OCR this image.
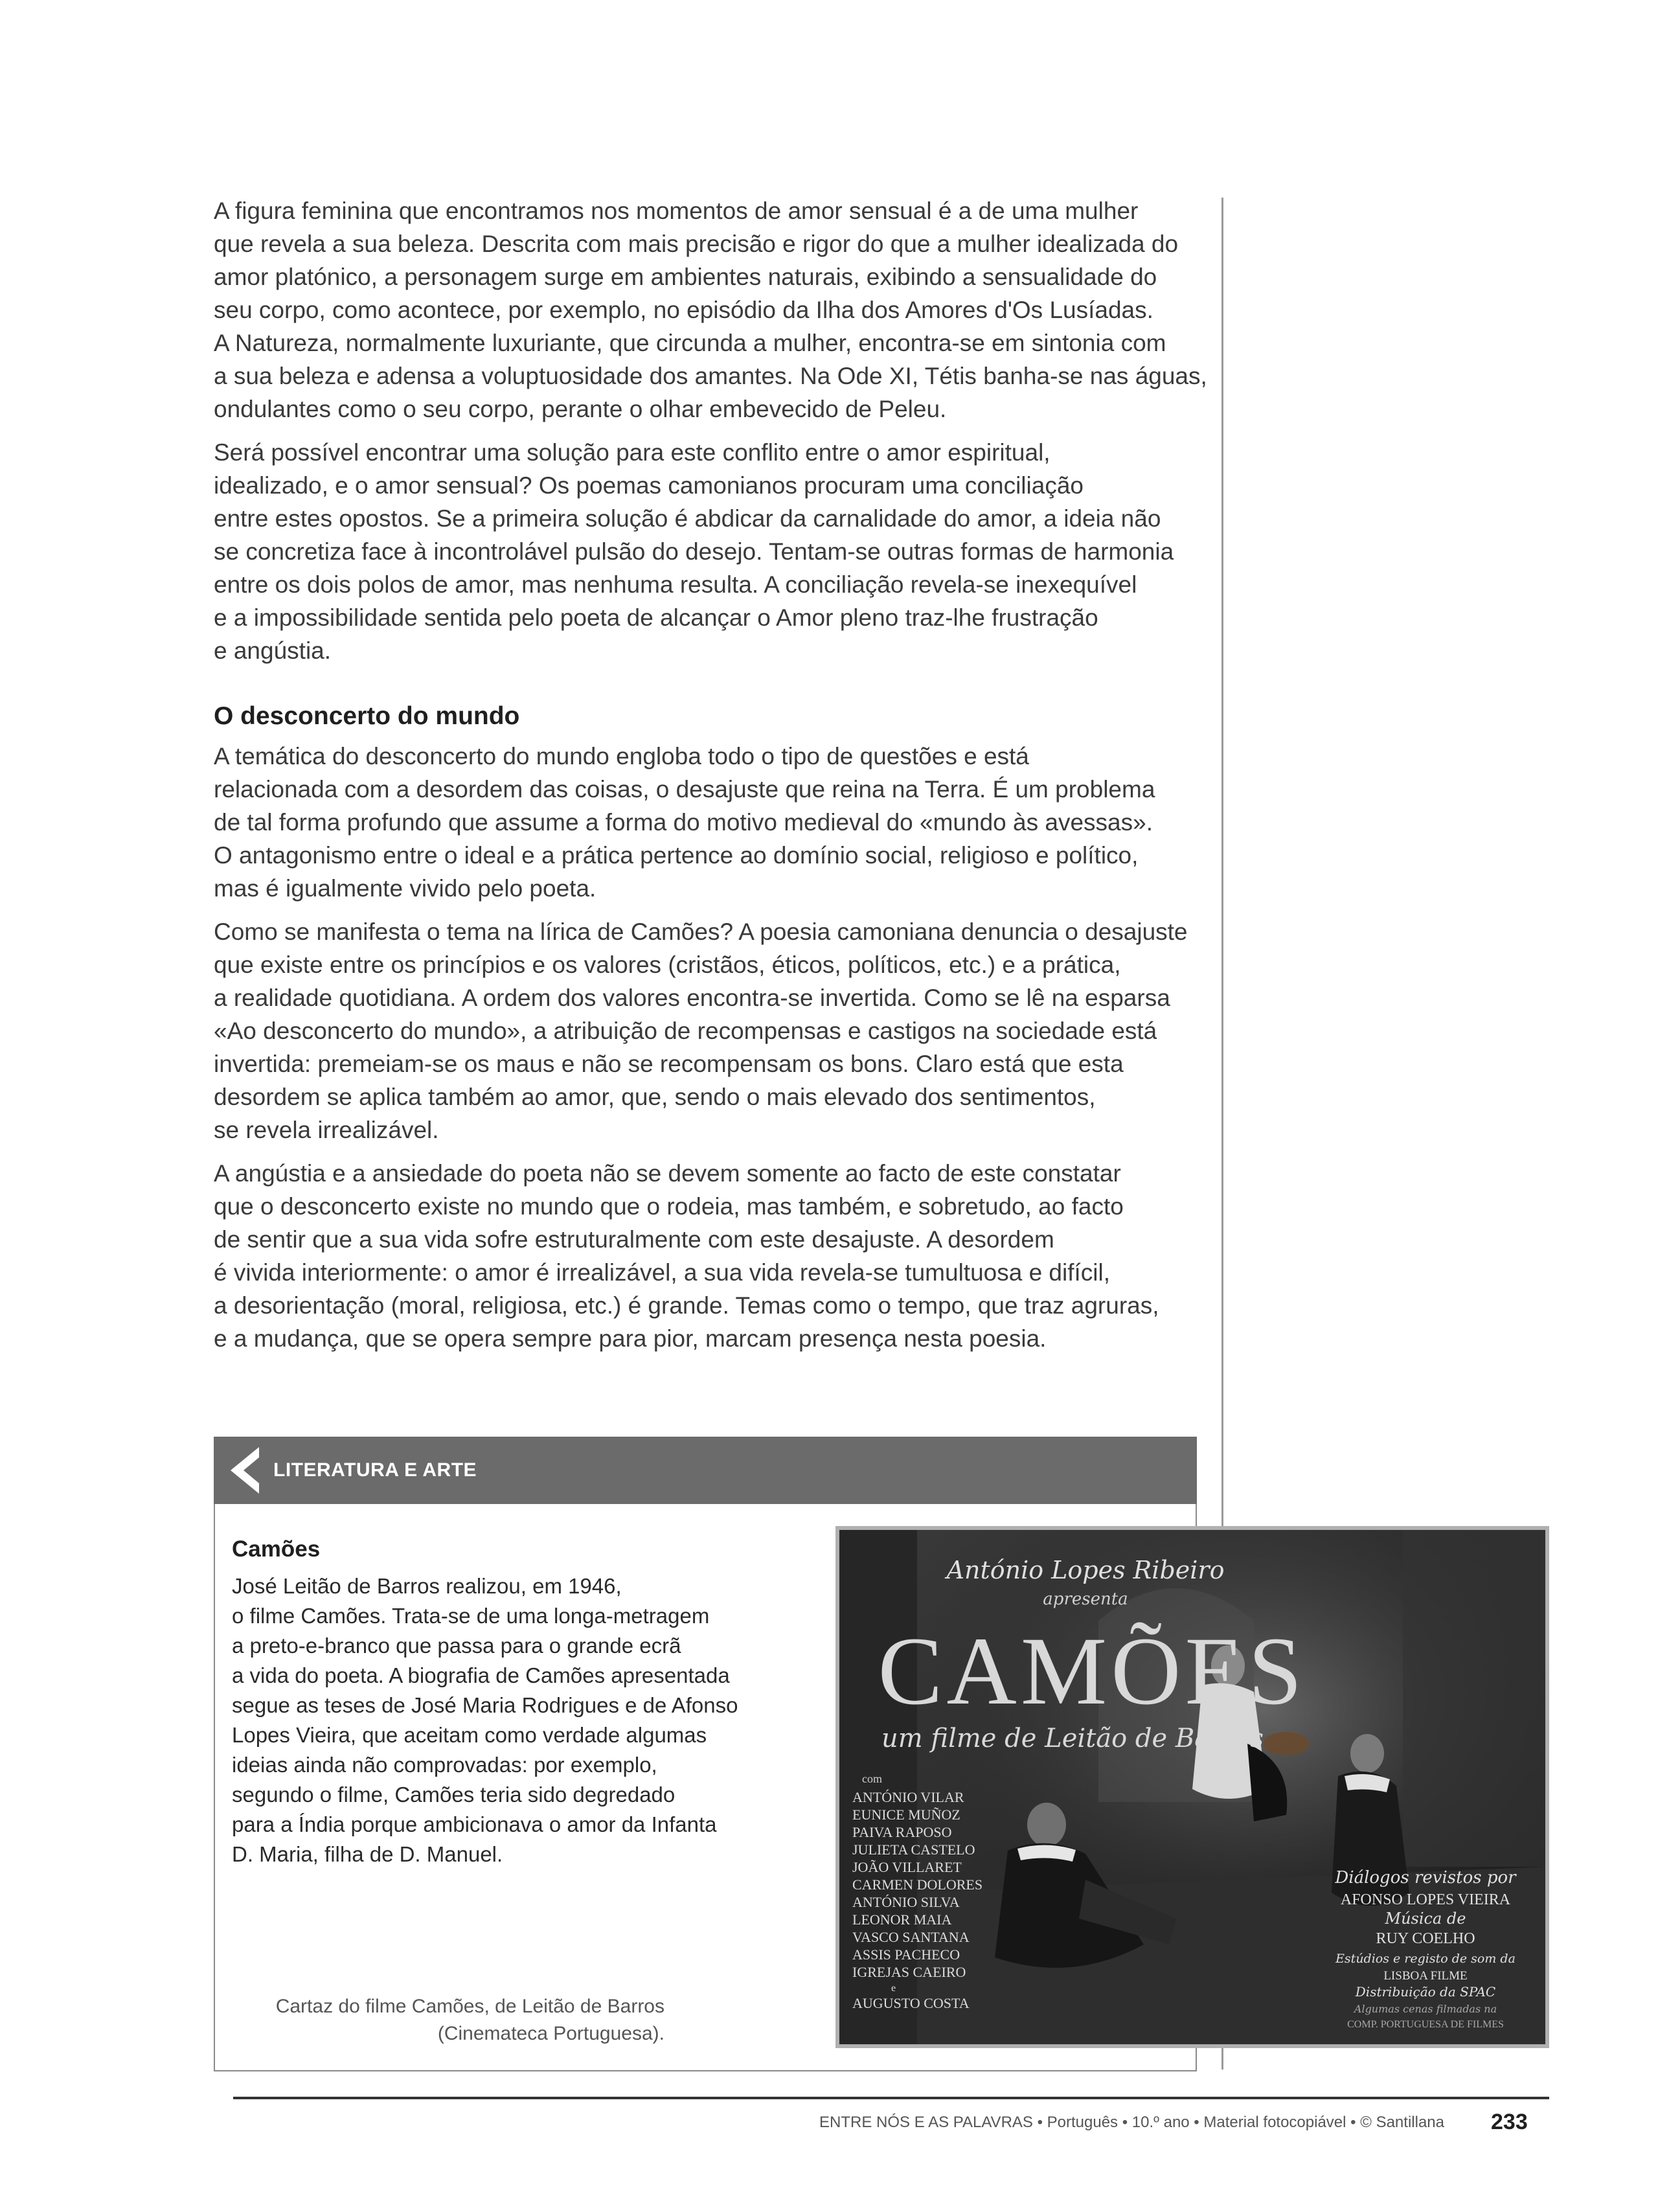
A figura feminina que encontramos nos momentos de amor sensual é a de uma mulher
que revela a sua beleza. Descrita com mais precisão e rigor do que a mulher idealizada do
amor platónico, a personagem surge em ambientes naturais, exibindo a sensualidade do
seu corpo, como acontece, por exemplo, no episódio da Ilha dos Amores d'Os Lusíadas.
A Natureza, normalmente luxuriante, que circunda a mulher, encontra-se em sintonia com
a sua beleza e adensa a voluptuosidade dos amantes. Na Ode XI, Tétis banha-se nas águas,
ondulantes como o seu corpo, perante o olhar embevecido de Peleu.

Será possível encontrar uma solução para este conflito entre o amor espiritual,
idealizado, e o amor sensual? Os poemas camonianos procuram uma conciliação
entre estes opostos. Se a primeira solução é abdicar da carnalidade do amor, a ideia não
se concretiza face à incontrolável pulsão do desejo. Tentam-se outras formas de harmonia
entre os dois polos de amor, mas nenhuma resulta. A conciliação revela-se inexequível
e a impossibilidade sentida pelo poeta de alcançar o Amor pleno traz-lhe frustração
e angústia.

O desconcerto do mundo

A temática do desconcerto do mundo engloba todo o tipo de questões e está
relacionada com a desordem das coisas, o desajuste que reina na Terra. É um problema
de tal forma profundo que assume a forma do motivo medieval do «mundo às avessas».
O antagonismo entre o ideal e a prática pertence ao domínio social, religioso e político,
mas é igualmente vivido pelo poeta.

Como se manifesta o tema na lírica de Camões? A poesia camoniana denuncia o desajuste
que existe entre os princípios e os valores (cristãos, éticos, políticos, etc.) e a prática,
a realidade quotidiana. A ordem dos valores encontra-se invertida. Como se lê na esparsa
«Ao desconcerto do mundo», a atribuição de recompensas e castigos na sociedade está
invertida: premeiam-se os maus e não se recompensam os bons. Claro está que esta
desordem se aplica também ao amor, que, sendo o mais elevado dos sentimentos,
se revela irrealizável.

A angústia e a ansiedade do poeta não se devem somente ao facto de este constatar
que o desconcerto existe no mundo que o rodeia, mas também, e sobretudo, ao facto
de sentir que a sua vida sofre estruturalmente com este desajuste. A desordem
é vivida interiormente: o amor é irrealizável, a sua vida revela-se tumultuosa e difícil,
a desorientação (moral, religiosa, etc.) é grande. Temas como o tempo, que traz agruras,
e a mudança, que se opera sempre para pior, marcam presença nesta poesia.

LITERATURA E ARTE
Camões
José Leitão de Barros realizou, em 1946,
o filme Camões. Trata-se de uma longa-metragem
a preto-e-branco que passa para o grande ecrã
a vida do poeta. A biografia de Camões apresentada
segue as teses de José Maria Rodrigues e de Afonso
Lopes Vieira, que aceitam como verdade algumas
ideias ainda não comprovadas: por exemplo,
segundo o filme, Camões teria sido degredado
para a Índia porque ambicionava o amor da Infanta
D. Maria, filha de D. Manuel.
Cartaz do filme Camões, de Leitão de Barros
(Cinemateca Portuguesa).
António Lopes Ribeiro
apresenta
CAMÕES
um filme de Leitão de Barros
com
ANTÓNIO VILAR
EUNICE MUÑOZ
PAIVA RAPOSO
JULIETA CASTELO
JOÃO VILLARET
CARMEN DOLORES
ANTÓNIO SILVA
LEONOR MAIA
VASCO SANTANA
ASSIS PACHECO
IGREJAS CAEIRO
e
AUGUSTO COSTA
Diálogos revistos por
AFONSO LOPES VIEIRA
Música de
RUY COELHO
Estúdios e registo de som da
LISBOA FILME
Distribuição da SPAC
Algumas cenas filmadas na
COMP. PORTUGUESA DE FILMES
ENTRE NÓS E AS PALAVRAS • Português • 10.º ano • Material fotocopiável • © Santillana 233
